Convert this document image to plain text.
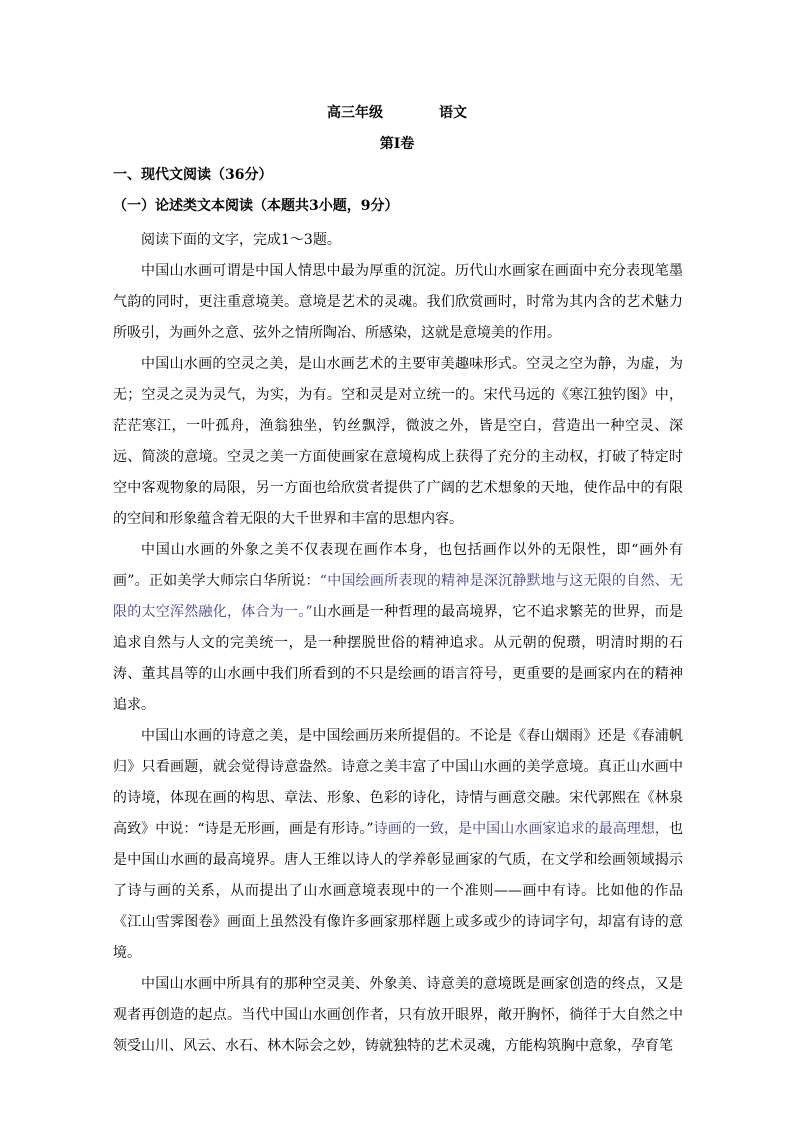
高三年级	语文
第I卷
一、现代文阅读（36分）
（一）论述类文本阅读（本题共3小题，9分）

阅读下面的文字，完成1～3题。

中国山水画可谓是中国人情思中最为厚重的沉淀。历代山水画家在画面中充分表现笔墨气韵的同时，更注重意境美。意境是艺术的灵魂。我们欣赏画时，时常为其内含的艺术魅力所吸引，为画外之意、弦外之情所陶冶、所感染，这就是意境美的作用。

中国山水画的空灵之美，是山水画艺术的主要审美趣味形式。空灵之空为静，为虚，为无；空灵之灵为灵气，为实，为有。空和灵是对立统一的。宋代马远的《寒江独钓图》中，茫茫寒江，一叶孤舟，渔翁独坐，钓丝飘浮，微波之外，皆是空白，营造出一种空灵、深远、简淡的意境。空灵之美一方面使画家在意境构成上获得了充分的主动权，打破了特定时空中客观物象的局限，另一方面也给欣赏者提供了广阔的艺术想象的天地，使作品中的有限的空间和形象蕴含着无限的大千世界和丰富的思想内容。

中国山水画的外象之美不仅表现在画作本身，也包括画作以外的无限性，即“画外有画”。正如美学大师宗白华所说：“中国绘画所表现的精神是深沉静默地与这无限的自然、无限的太空浑然融化，体合为一。”山水画是一种哲理的最高境界，它不追求繁芜的世界，而是追求自然与人文的完美统一，是一种摆脱世俗的精神追求。从元朝的倪瓒，明清时期的石涛、董其昌等的山水画中我们所看到的不只是绘画的语言符号，更重要的是画家内在的精神追求。

中国山水画的诗意之美，是中国绘画历来所提倡的。不论是《春山烟雨》还是《春浦帆归》只看画题，就会觉得诗意盎然。诗意之美丰富了中国山水画的美学意境。真正山水画中的诗境，体现在画的构思、章法、形象、色彩的诗化，诗情与画意交融。宋代郭熙在《林泉高致》中说：“诗是无形画，画是有形诗。”诗画的一致，是中国山水画家追求的最高理想，也是中国山水画的最高境界。唐人王维以诗人的学养彰显画家的气质，在文学和绘画领域揭示了诗与画的关系，从而提出了山水画意境表现中的一个准则——画中有诗。比如他的作品《江山雪霁图卷》画面上虽然没有像许多画家那样题上或多或少的诗词字句，却富有诗的意境。

中国山水画中所具有的那种空灵美、外象美、诗意美的意境既是画家创造的终点，又是观者再创造的起点。当代中国山水画创作者，只有放开眼界，敞开胸怀，徜徉于大自然之中领受山川、风云、水石、林木际会之妙，铸就独特的艺术灵魂，方能构筑胸中意象，孕育笔
